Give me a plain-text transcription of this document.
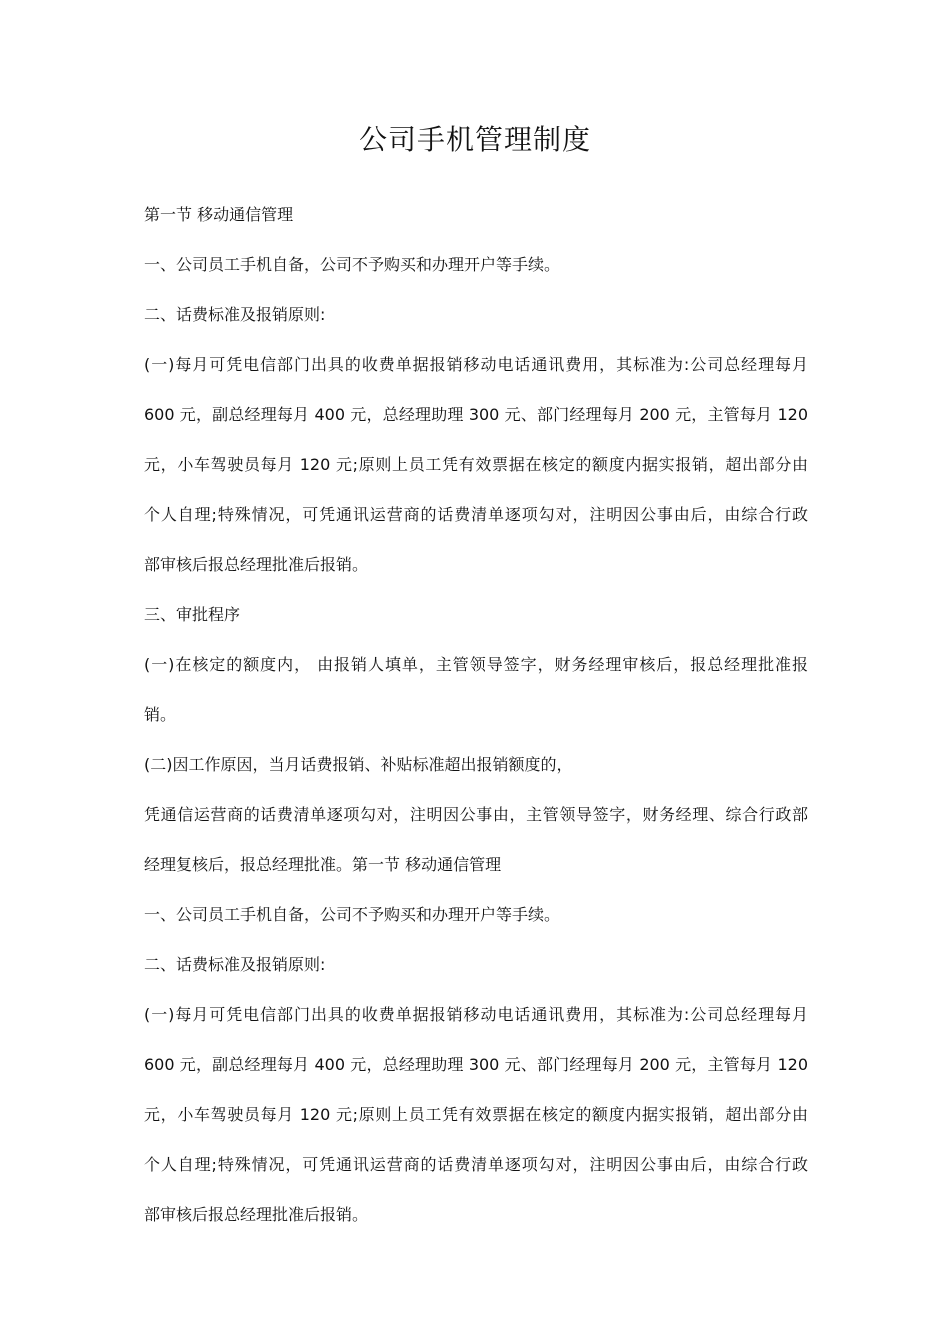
公司手机管理制度
第一节 移动通信管理
一、公司员工手机自备，公司不予购买和办理开户等手续。
二、话费标准及报销原则:
(一)每月可凭电信部门出具的收费单据报销移动电话通讯费用，其标准为:公司总经理每月
600 元，副总经理每月 400 元，总经理助理 300 元、部门经理每月 200 元，主管每月 120
元，小车驾驶员每月 120 元;原则上员工凭有效票据在核定的额度内据实报销，超出部分由
个人自理;特殊情况，可凭通讯运营商的话费清单逐项勾对，注明因公事由后，由综合行政
部审核后报总经理批准后报销。
三、审批程序
(一)在核定的额度内， 由报销人填单，主管领导签字，财务经理审核后，报总经理批准报
销。
(二)因工作原因，当月话费报销、补贴标准超出报销额度的，
凭通信运营商的话费清单逐项勾对，注明因公事由，主管领导签字，财务经理、综合行政部
经理复核后，报总经理批准。第一节 移动通信管理
一、公司员工手机自备，公司不予购买和办理开户等手续。
二、话费标准及报销原则:
(一)每月可凭电信部门出具的收费单据报销移动电话通讯费用，其标准为:公司总经理每月
600 元，副总经理每月 400 元，总经理助理 300 元、部门经理每月 200 元，主管每月 120
元，小车驾驶员每月 120 元;原则上员工凭有效票据在核定的额度内据实报销，超出部分由
个人自理;特殊情况，可凭通讯运营商的话费清单逐项勾对，注明因公事由后，由综合行政
部审核后报总经理批准后报销。
